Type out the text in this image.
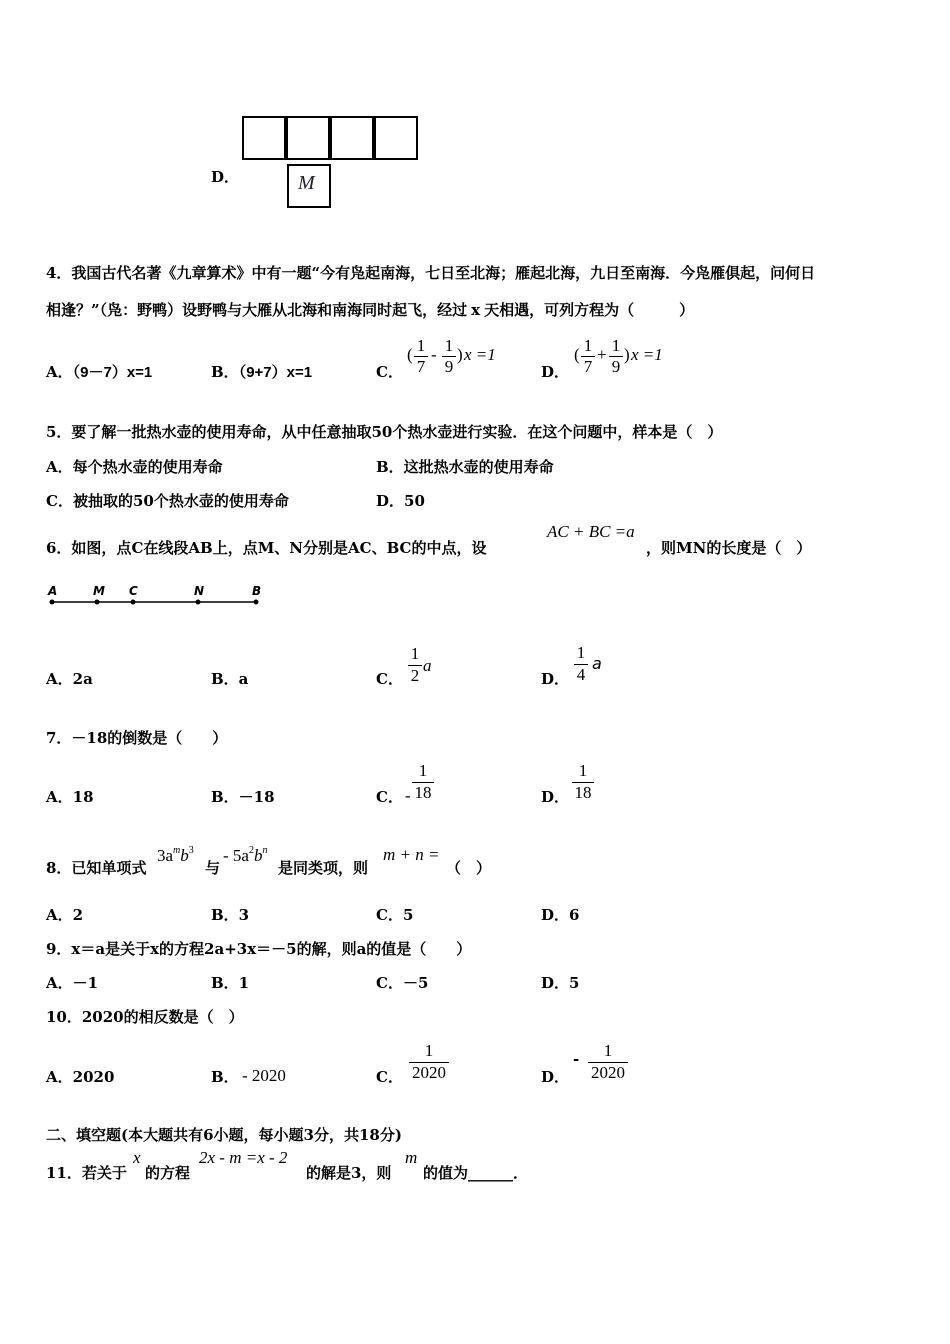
D．	M
4．我国古代名著《九章算术》中有一题“今有凫起南海，七日至北海；雁起北海，九日至南海．今凫雁俱起，问何日
相逢？”（凫：野鸭）设野鸭与大雁从北海和南海同时起飞，经过 x 天相遇，可列方程为（　　　）
A．（9－7）x=1	B．（9+7）x=1	C．
( 1
7
- 1
9
) x =1
D．
( 1
7
+ 1
9
) x =1
5．要了解一批热水壶的使用寿命，从中任意抽取50个热水壶进行实验．在这个问题中，样本是（　）
A．每个热水壶的使用寿命	B．这批热水壶的使用寿命
C．被抽取的50个热水壶的使用寿命	D．50
6．如图，点C在线段AB上，点M、N分别是AC、BC的中点，设
AC + BC =a
，则MN的长度是（　）
A	M C	N	B
A．2a	B．a	C．
1
2
a
D．
1
4
a
7．－18的倒数是（　　）
A．18	B．－18	C． -
1
18	D．
1
18
8．已知单项式
$3a^mb^3$
与
- $5a^2b^n$
是同类项，则
m + n =
（　）
A．2	B．3	C．5	D．6
9．x＝a是关于x的方程2a+3x＝－5的解，则a的值是（　　）
A．－1	B．1	C．－5	D．5
10．2020的相反数是（　）
A．2020	B． - 2020	C．
1
2020	D．
-	1
2020
二、填空题(本大题共有6小题，每小题3分，共18分)
11．若关于
x
的方程
2x - m =x - 2
的解是3，则
m
的值为______．
